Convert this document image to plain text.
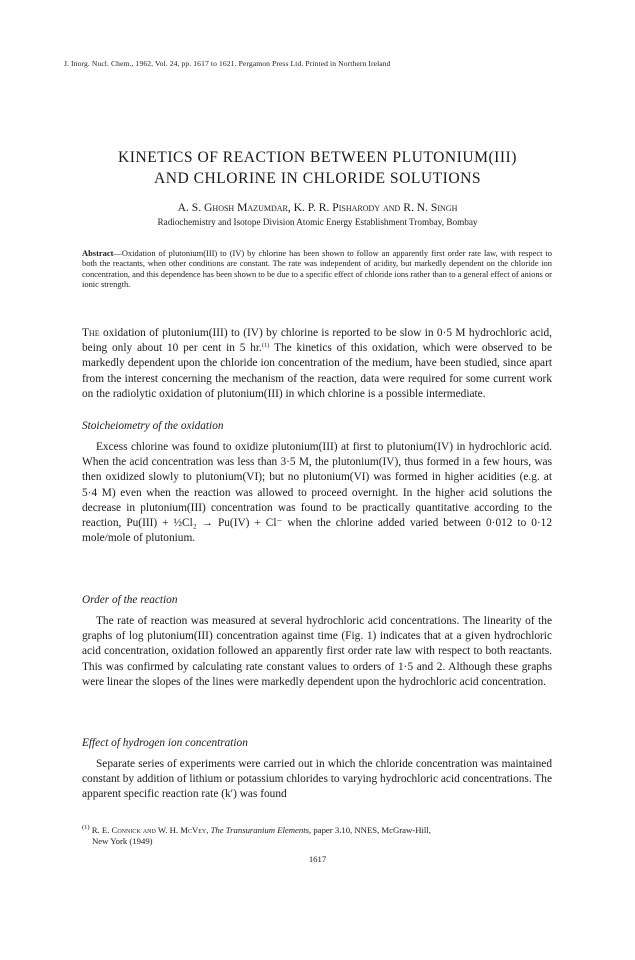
J. Inorg. Nucl. Chem., 1962, Vol. 24, pp. 1617 to 1621. Pergamon Press Ltd. Printed in Northern Ireland
KINETICS OF REACTION BETWEEN PLUTONIUM(III)
AND CHLORINE IN CHLORIDE SOLUTIONS
A. S. Ghosh Mazumdar, K. P. R. Pisharody and R. N. Singh
Radiochemistry and Isotope Division Atomic Energy Establishment Trombay, Bombay
Abstract—Oxidation of plutonium(III) to (IV) by chlorine has been shown to follow an apparently first order rate law, with respect to both the reactants, when other conditions are constant. The rate was independent of acidity, but markedly dependent on the chloride ion concentration, and this dependence has been shown to be due to a specific effect of chloride ions rather than to a general effect of anions or ionic strength.

The oxidation of plutonium(III) to (IV) by chlorine is reported to be slow in 0·5 M hydrochloric acid, being only about 10 per cent in 5 hr.$^{(1)}$ The kinetics of this oxidation, which were observed to be markedly dependent upon the chloride ion concentration of the medium, have been studied, since apart from the interest concerning the mechanism of the reaction, data were required for some current work on the radiolytic oxidation of plutonium(III) in which chlorine is a possible intermediate.

Stoicheiometry of the oxidation

Excess chlorine was found to oxidize plutonium(III) at first to plutonium(IV) in hydrochloric acid. When the acid concentration was less than 3·5 M, the plutonium(IV), thus formed in a few hours, was then oxidized slowly to plutonium(VI); but no plutonium(VI) was formed in higher acidities (e.g. at 5·4 M) even when the reaction was allowed to proceed overnight. In the higher acid solutions the decrease in plutonium(III) concentration was found to be practically quantitative according to the reaction, Pu(III) + ½Cl₂ → Pu(IV) + Cl⁻ when the chlorine added varied between 0·012 to 0·12 mole/mole of plutonium.

Order of the reaction

The rate of reaction was measured at several hydrochloric acid concentrations. The linearity of the graphs of log plutonium(III) concentration against time (Fig. 1) indicates that at a given hydrochloric acid concentration, oxidation followed an apparently first order rate law with respect to both reactants. This was confirmed by calculating rate constant values to orders of 1·5 and 2. Although these graphs were linear the slopes of the lines were markedly dependent upon the hydrochloric acid concentration.

Effect of hydrogen ion concentration

Separate series of experiments were carried out in which the chloride concentration was maintained constant by addition of lithium or potassium chlorides to varying hydrochloric acid concentrations. The apparent specific reaction rate (k′) was found

$^{(1)}$ R. E. Connick and W. H. McVey, The Transuranium Elements, paper 3.10, NNES, McGraw-Hill,
New York (1949)
1617
